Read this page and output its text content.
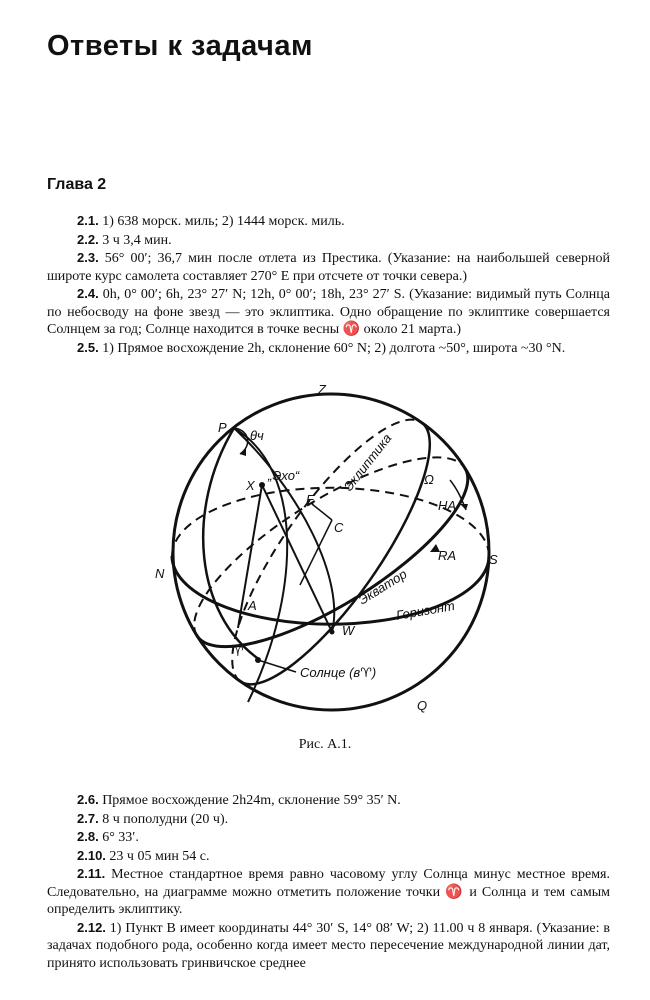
Ответы к задачам
Глава 2

2.1. 1) 638 морск. миль; 2) 1444 морск. миль.

2.2. 3 ч 3,4 мин.

2.3. 56° 00′; 36,7 мин после отлета из Престика. (Указание: на наибольшей северной широте курс самолета составляет 270° E при отсчете от точки севера.)

2.4. 0h, 0° 00′; 6h, 23° 27′ N; 12h, 0° 00′; 18h, 23° 27′ S. (Указание: видимый путь Солнца по небосводу на фоне звезд — это эклиптика. Одно обращение по эклиптике совершается Солнцем за год; Солнце находится в точке весны ♈ около 21 марта.)

2.5. 1) Прямое восхождение 2h, склонение 60° N; 2) долгота ~50°, широта ~30 °N.

Z
P
θч
X
„Эхо“
E
C
N
S
A
W
Q
♈
Ω
HA
RA
Солнце (в♈)
Эклиптика
Экватор
Горизонт
Рис. А.1.

2.6. Прямое восхождение 2h24m, склонение 59° 35′ N.

2.7. 8 ч пополудни (20 ч).

2.8. 6° 33′.

2.10. 23 ч 05 мин 54 с.

2.11. Местное стандартное время равно часовому углу Солнца минус местное время. Следовательно, на диаграмме можно отметить положение точки ♈ и Солнца и тем самым определить эклиптику.

2.12. 1) Пункт B имеет координаты 44° 30′ S, 14° 08′ W; 2) 11.00 ч 8 января. (Указание: в задачах подобного рода, особенно когда имеет место пересечение международной линии дат, принято использовать гринвичское среднее
